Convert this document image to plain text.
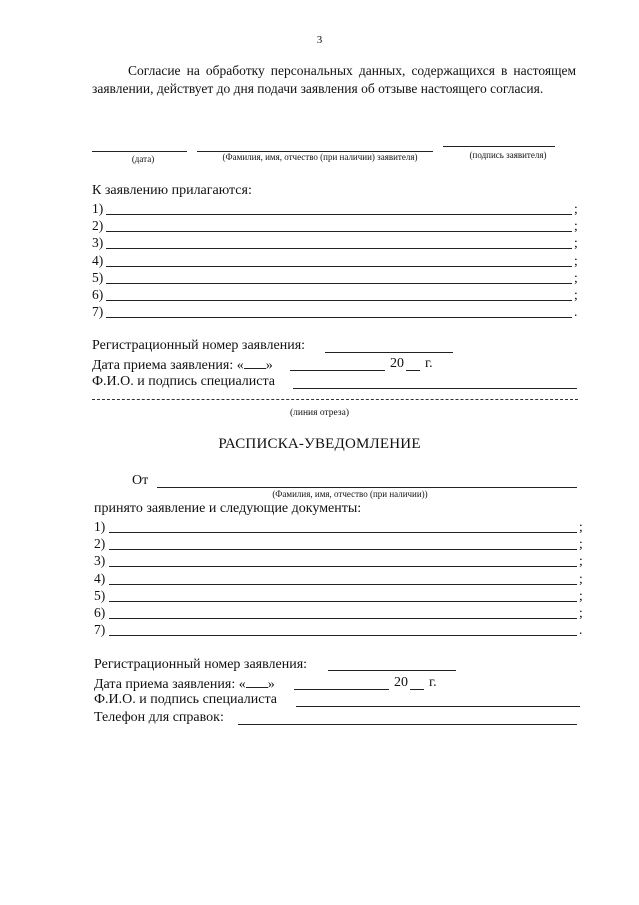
3
Согласие на обработку персональных данных, содержащихся в настоящем заявлении, действует до дня подачи заявления об отзыве настоящего согласия.
(дата)	(Фамилия, имя, отчество (при наличии) заявителя)	(подпись заявителя)
К заявлению прилагаются:
1)	;
2)	;
3)	;
4)	;
5)	;
6)	;
7)	.
Регистрационный номер заявления:
Дата приема заявления: « »	20 г.
Ф.И.О. и подпись специалиста
(линия отреза)
РАСПИСКА-УВЕДОМЛЕНИЕ
От
(Фамилия, имя, отчество (при наличии))
принято заявление и следующие документы:
1)	;
2)	;
3)	;
4)	;
5)	;
6)	;
7)	.
Регистрационный номер заявления:
Дата приема заявления: « »	20 г.
Ф.И.О. и подпись специалиста
Телефон для справок:
